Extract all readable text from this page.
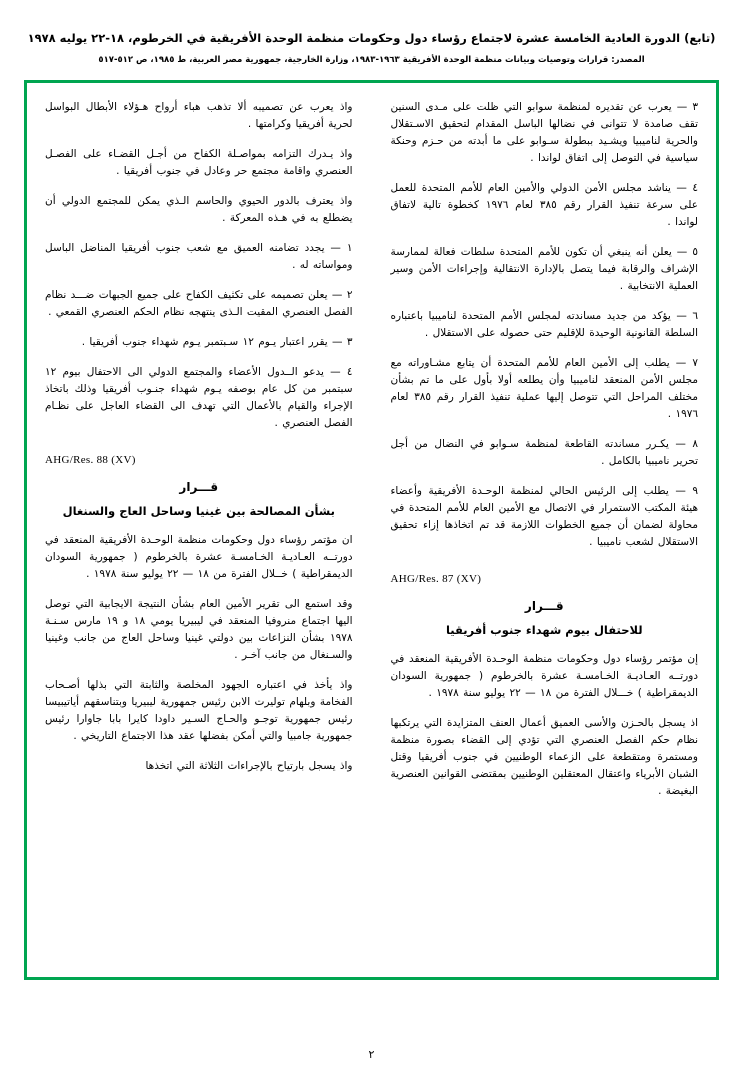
(تابع) الدورة العادية الخامسة عشرة لاجتماع رؤساء دول وحكومات منظمة الوحدة الأفريقية في الخرطوم، ١٨-٢٢ يوليه ١٩٧٨
المصدر: قرارات وتوصيات وبيانات منظمة الوحدة الأفريقية ١٩٦٣-١٩٨٣، وزارة الخارجية، جمهورية مصر العربية، ط ١٩٨٥، ص ٥١٢-٥١٧

٣ — يعرب عن تقديره لمنظمة سوابو التي ظلت على مـدى السنين تقف صامدة لا تتوانى في نضالها الباسل المقدام لتحقيق الاسـتقلال والحرية لناميبيا ويشـيد ببطولة سـوابو على ما أبدته من حـزم وحنكة سياسية في التوصل إلى اتفاق لواندا .

٤ — يناشد مجلس الأمن الدولي والأمين العام للأمم المتحدة للعمل على سرعة تنفيذ القرار رقم ٣٨٥ لعام ١٩٧٦ كخطوة تالية لاتفاق لواندا .

٥ — يعلن أنه ينبغي أن تكون للأمم المتحدة سلطات فعالة لممارسة الإشراف والرقابة فيما يتصل بالإدارة الانتقالية وإجراءات الأمن وسير العملية الانتخابية .

٦ — يؤكد من جديد مساندته لمجلس الأمم المتحدة لناميبيا باعتباره السلطة القانونية الوحيدة للإقليم حتى حصوله على الاستقلال .

٧ — يطلب إلى الأمين العام للأمم المتحدة أن يتابع مشـاوراته مع مجلس الأمن المنعقد لناميبيا وأن يطلعه أولا بأول على ما تم بشأن مختلف المراحل التي تتوصل إليها عملية تنفيذ القرار رقم ٣٨٥ لعام ١٩٧٦ .

٨ — يكـرر مساندته القاطعة لمنظمة سـوابو في النضال من أجل تحرير ناميبيا بالكامل .

٩ — يطلب إلى الرئيس الحالي لمنظمة الوحـدة الأفريقية وأعضاء هيئة المكتب الاستمرار في الاتصال مع الأمين العام للأمم المتحدة في محاولة لضمان أن جميع الخطوات اللازمة قد تم اتخاذها إزاء تحقيق الاستقلال لشعب ناميبيا .

AHG/Res. 87 (XV)
قـــرار
للاحتفال بيوم شهداء جنوب أفريقيا

إن مؤتمر رؤساء دول وحكومات منظمة الوحـدة الأفريقية المنعقد في دورتــه العـاديـة الخـامسـة عشرة بالخرطوم ( جمهورية السودان الديمقراطية ) خـــلال الفترة من ١٨ — ٢٢ يوليو سنة ١٩٧٨ .

اذ يسجل بالحـزن والأسى العميق أعمال العنف المتزايدة التي يرتكبها نظام حكم الفصل العنصري التي تؤدي إلى القضاء بصورة منظمة ومستمرة ومتقطعة على الزعماء الوطنيين في جنوب أفريقيا وقتل الشبان الأبرياء واعتقال المعتقلين الوطنيين بمقتضى القوانين العنصرية البغيضة .

واذ يعرب عن تصميبه ألا تذهب هباء أرواح هـؤلاء الأبطال البواسل لحرية أفريقيا وكرامتها .

واذ يـدرك التزامه بمواصـلة الكفاح من أجـل القضـاء على الفصـل العنصري واقامة مجتمع حر وعادل في جنوب أفريقيا .

واذ يعترف بالدور الحيوي والحاسم الـذي يمكن للمجتمع الدولي أن يضطلع به في هـذه المعركة .

١ — يجدد تضامنه العميق مع شعب جنوب أفريقيا المناضل الباسل ومواساته له .

٢ — يعلن تصميمه على تكثيف الكفاح على جميع الجبهات ضـــد نظام الفصل العنصري المقيت الـذى ينتهجه نظام الحكم العنصري القمعي .

٣ — يقرر اعتبار يـوم ١٢ سـبتمبر يـوم شهداء جنوب أفريقيا .

٤ — يدعو الــدول الأعضاء والمجتمع الدولي الى الاحتفال بيوم ١٢ سبتمبر من كل عام بوصفه يـوم شهداء جنـوب أفريقيا وذلك باتخاذ الإجراء والقيام بالأعمال التي تهدف الى القضاء العاجل على نظـام الفصل العنصري .

AHG/Res. 88 (XV)
قـــرار
بشأن المصالحة بين غينيا وساحل العاج والسنغال

ان مؤتمر رؤساء دول وحكومات منظمة الوحـدة الأفريقية المنعقد في دورتــه العـاديـة الخـامسـة عشرة بالخرطوم ( جمهورية السودان الديمقراطية ) خــلال الفترة من ١٨ — ٢٢ يوليو سنة ١٩٧٨ .

وقد استمع الى تقرير الأمين العام بشأن النتيجة الايجابية التي توصل اليها اجتماع منروفيا المنعقد في ليبيريا يومي ١٨ و ١٩ مارس سـنـة ١٩٧٨ بشأن النزاعات بين دولتي غينيا وساحل العاج من جانب وغينيا والسـنغال من جانب آخـر .

واذ يأخذ في اعتباره الجهود المخلصة والثابتة التي بذلها أصـحاب الفخامة وبلهام توليرت الابن رئيس جمهورية ليبيريا وبتناسقهم أياتيبيسا رئيس جمهورية توجـو والحـاج السـير داودا كايرا بابا جاوارا رئيس جمهورية جامبيا والتي أمكن بفضلها عقد هذا الاجتماع التاريخي .

واذ يسجل بارتياح بالإجراءات الثلاثة التي اتخذها

٢
